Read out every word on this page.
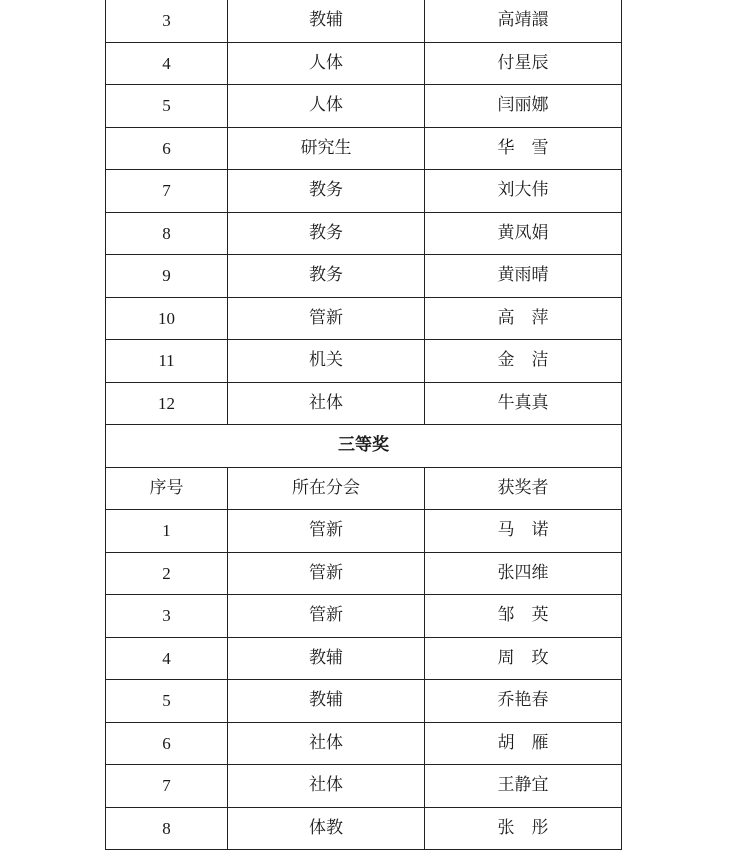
3	教辅	高靖譞
4	人体	付星辰
5	人体	闫丽娜
6	研究生	华　雪
7	教务	刘大伟
8	教务	黄凤娟
9	教务	黄雨晴
10	管新	高　萍
11	机关	金　洁
12	社体	牛真真
三等奖		
序号	所在分会	获奖者
1	管新	马　诺
2	管新	张四维
3	管新	邹　英
4	教辅	周　玫
5	教辅	乔艳春
6	社体	胡　雁
7	社体	王静宜
8	体教	张　彤
